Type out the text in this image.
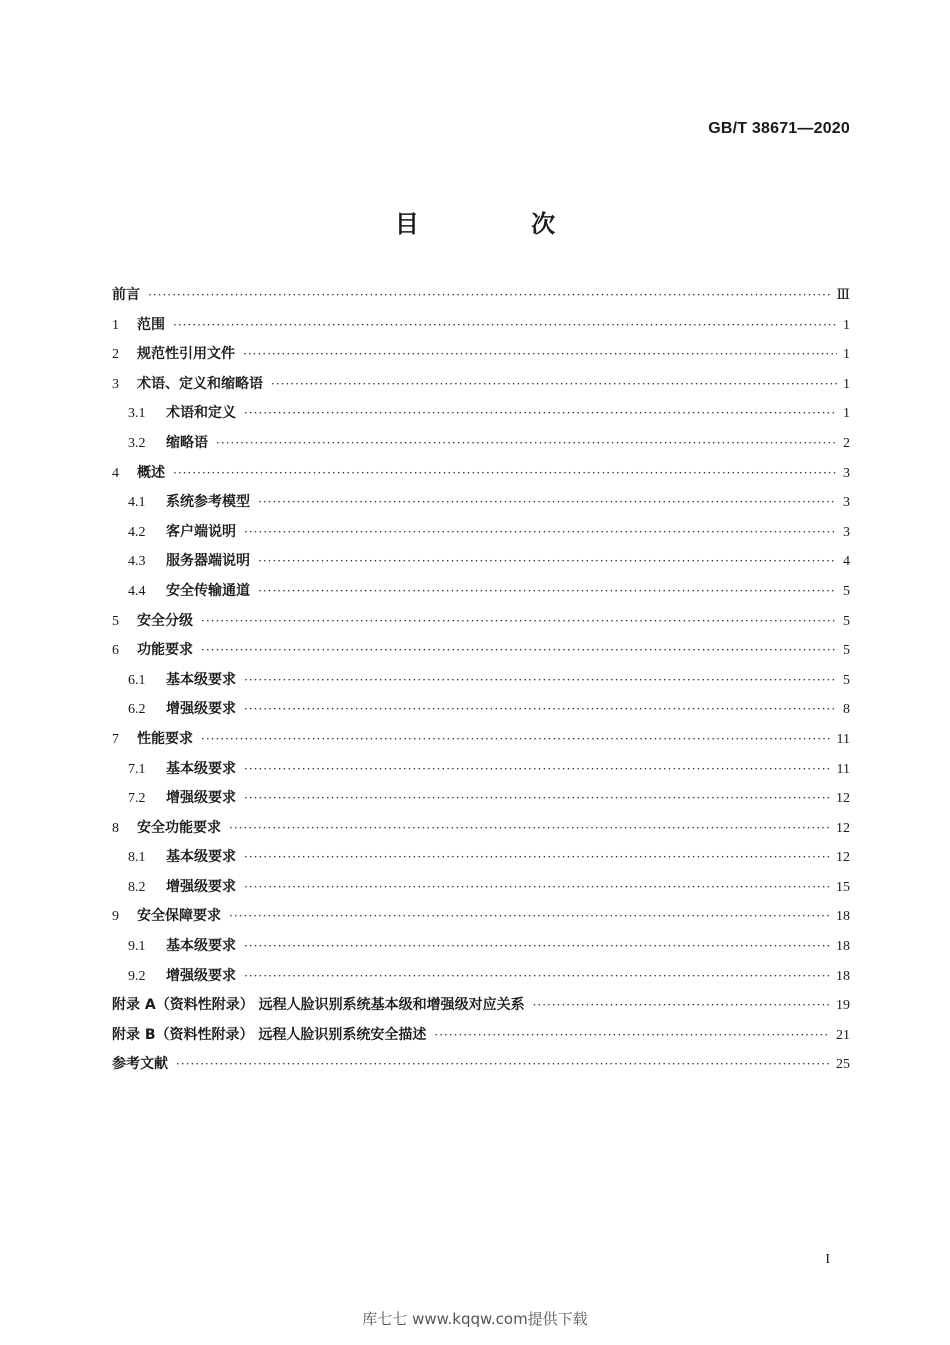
GB/T 38671—2020
目 次
前言 ·····	Ⅲ
1	范围 ·····	1
2	规范性引用文件 ·····	1
3	术语、定义和缩略语 ·····	1
3.1	术语和定义 ·····	1
3.2	缩略语 ·····	2
4	概述 ·····	3
4.1	系统参考模型 ·····	3
4.2	客户端说明 ·····	3
4.3	服务器端说明 ·····	4
4.4	安全传输通道 ·····	5
5	安全分级 ·····	5
6	功能要求 ·····	5
6.1	基本级要求 ·····	5
6.2	增强级要求 ·····	8
7	性能要求 ·····	11
7.1	基本级要求 ·····	11
7.2	增强级要求 ·····	12
8	安全功能要求 ·····	12
8.1	基本级要求 ·····	12
8.2	增强级要求 ·····	15
9	安全保障要求 ·····	18
9.1	基本级要求 ·····	18
9.2	增强级要求 ·····	18
附录 A（资料性附录） 远程人脸识别系统基本级和增强级对应关系 ·····	19
附录 B（资料性附录） 远程人脸识别系统安全描述 ·····	21
参考文献 ·····	25
I
库七七 www.kqqw.com提供下载
